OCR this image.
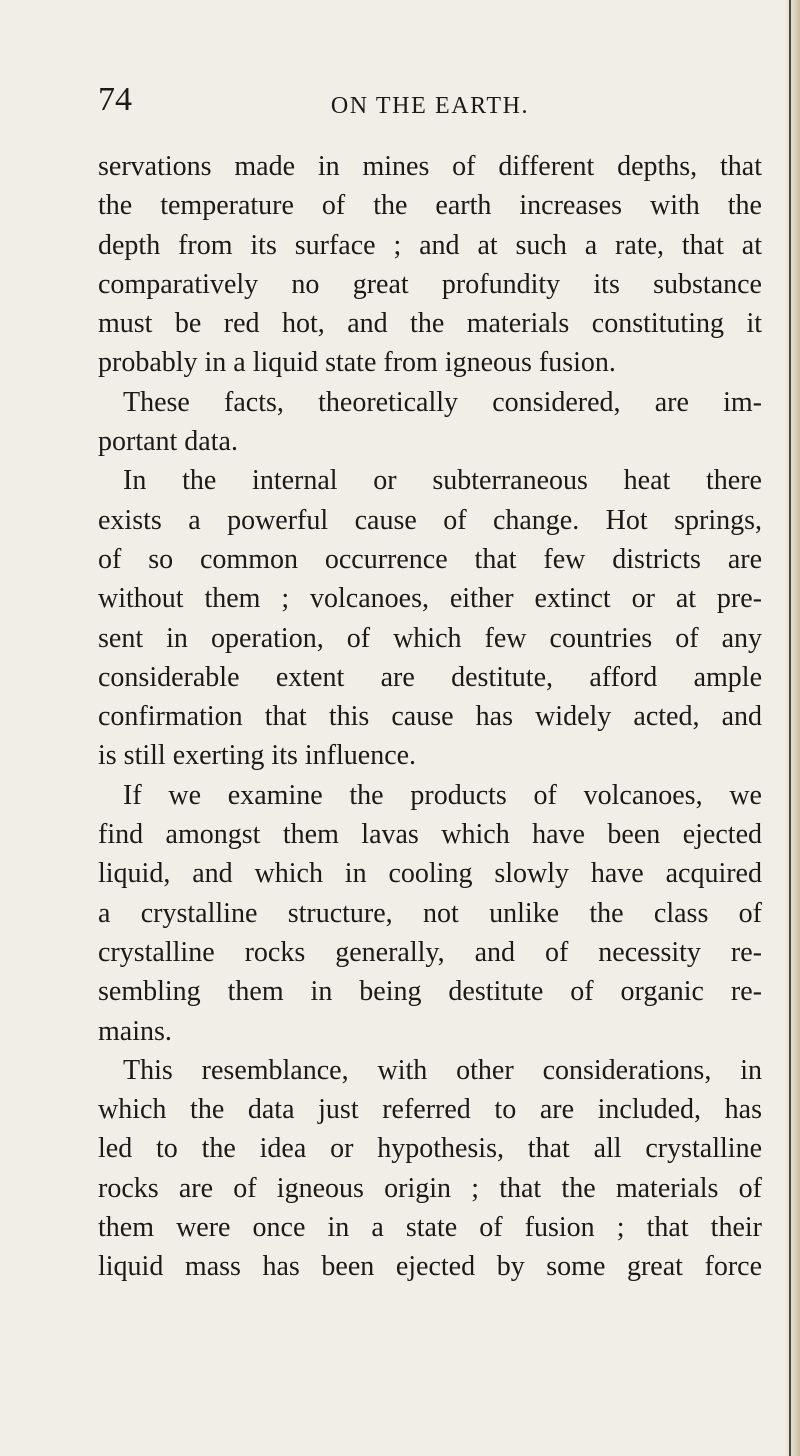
74	ON THE EARTH.
servations made in mines of different depths, that
the temperature of the earth increases with the
depth from its surface ; and at such a rate, that at
comparatively no great profundity its substance
must be red hot, and the materials constituting it
probably in a liquid state from igneous fusion.
These facts, theoretically considered, are im-
portant data.
In the internal or subterraneous heat there
exists a powerful cause of change. Hot springs,
of so common occurrence that few districts are
without them ; volcanoes, either extinct or at pre-
sent in operation, of which few countries of any
considerable extent are destitute, afford ample
confirmation that this cause has widely acted, and
is still exerting its influence.
If we examine the products of volcanoes, we
find amongst them lavas which have been ejected
liquid, and which in cooling slowly have acquired
a crystalline structure, not unlike the class of
crystalline rocks generally, and of necessity re-
sembling them in being destitute of organic re-
mains.
This resemblance, with other considerations, in
which the data just referred to are included, has
led to the idea or hypothesis, that all crystalline
rocks are of igneous origin ; that the materials of
them were once in a state of fusion ; that their
liquid mass has been ejected by some great force
